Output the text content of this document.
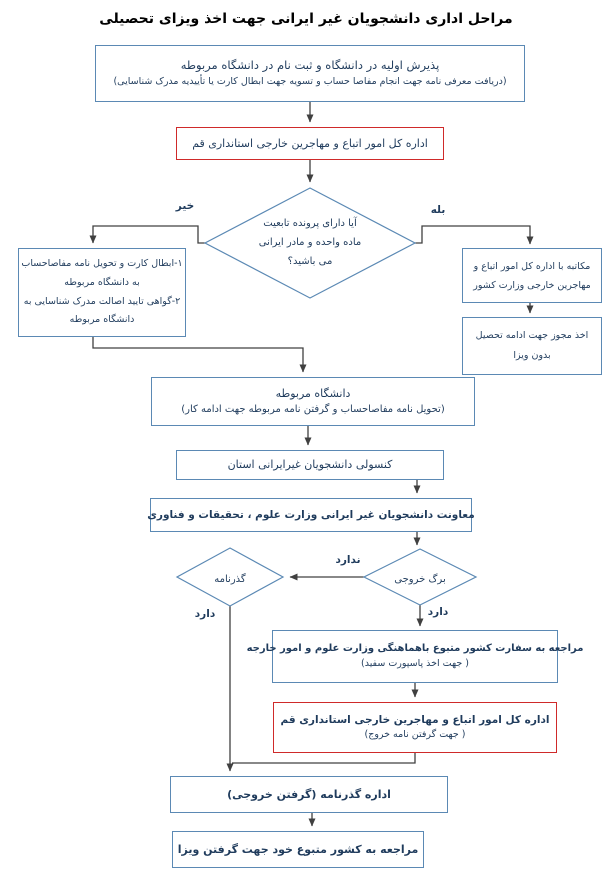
مراحل اداری دانشجویان غیر ایرانی جهت اخذ ویزای تحصیلی
پذیرش اولیه در دانشگاه و ثبت نام در دانشگاه مربوطه
(دریافت معرفی نامه جهت انجام مفاصا حساب و تسویه جهت ابطال کارت یا تأییدیه مدرک شناسایی)
اداره کل امور اتباع و مهاجرین خارجی استانداری قم
آیا دارای پرونده تابعیت
ماده واحده و مادر ایرانی
می باشید؟
خیر	بله
۱-ابطال کارت و تحویل نامه مفاصاحساب
به دانشگاه مربوطه
۲-گواهی تایید اصالت مدرک شناسایی به
دانشگاه مربوطه
مکاتبه با اداره کل امور اتباع و
مهاجرین خارجی وزارت کشور
اخذ مجوز جهت ادامه تحصیل
بدون ویزا
دانشگاه مربوطه
(تحویل نامه مفاصاحساب و گرفتن نامه مربوطه جهت ادامه کار)
کنسولی دانشجویان غیرایرانی استان
معاونت دانشجویان غیر ایرانی وزارت علوم ، تحقیقات و فناوری
برگ خروجی
گذرنامه
ندارد
دارد
دارد
مراجعه به سفارت کشور متبوع باهماهنگی وزارت علوم و امور خارجه
( جهت اخذ پاسپورت سفید)
اداره کل امور اتباع و مهاجرین خارجی استانداری قم
( جهت گرفتن نامه خروج)
اداره گذرنامه (گرفتن خروجی)
مراجعه به کشور متبوع خود جهت گرفتن ویزا
